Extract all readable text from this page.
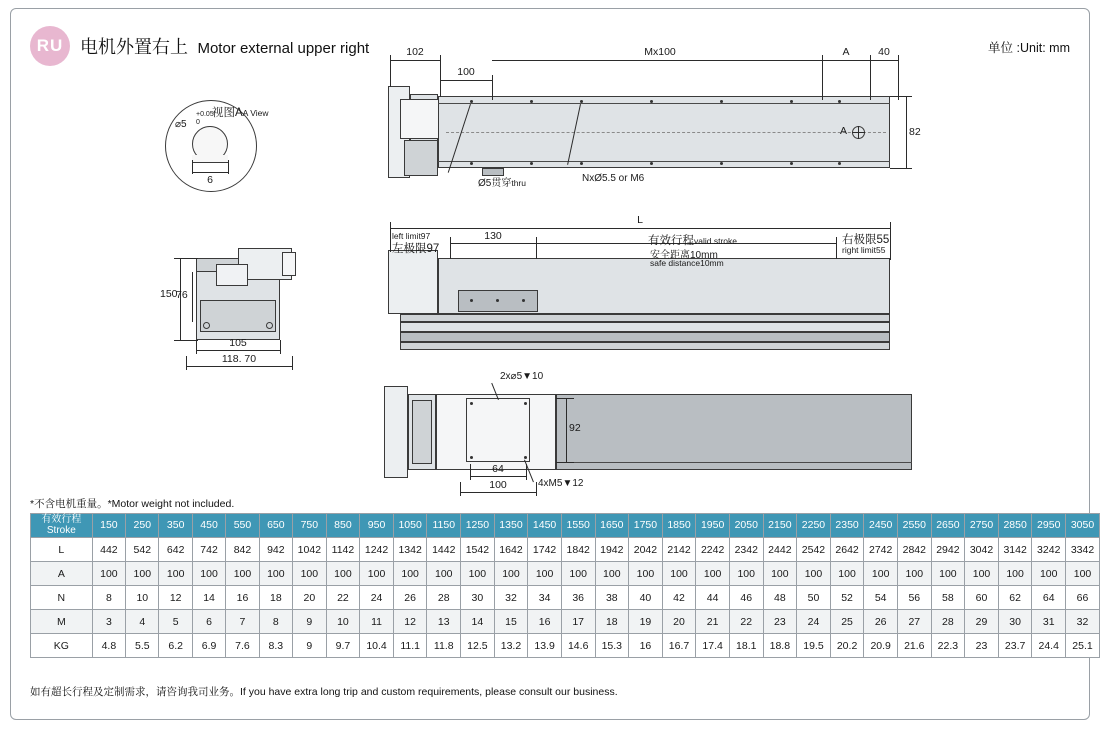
RU 电机外置右上 Motor external upper right	单位 :Unit: mm
视图AA View
⌀5
+0.05
0
6
A
102
100
Mx100	A	40
82
Ø5贯穿thru	NxØ5.5 or M6
150
76
105
118. 70
L
left limit97
左极限97
130	有效行程valid stroke
安全距离10mm
safe distance10mm
右极限55
right limit55
2x⌀5▼10
4xM5▼12
92
64
100
*不含电机重量。*Motor weight not included.
有效行程
Stroke	150	250	350	450	550	650	750	850	950	1050	1150	1250	1350	1450	1550	1650	1750	1850	1950	2050	2150	2250	2350	2450	2550	2650	2750	2850	2950	3050
L	442	542	642	742	842	942	1042	1142	1242	1342	1442	1542	1642	1742	1842	1942	2042	2142	2242	2342	2442	2542	2642	2742	2842	2942	3042	3142	3242	3342
A	100	100	100	100	100	100	100	100	100	100	100	100	100	100	100	100	100	100	100	100	100	100	100	100	100	100	100	100	100	100
N	8	10	12	14	16	18	20	22	24	26	28	30	32	34	36	38	40	42	44	46	48	50	52	54	56	58	60	62	64	66
M	3	4	5	6	7	8	9	10	11	12	13	14	15	16	17	18	19	20	21	22	23	24	25	26	27	28	29	30	31	32
KG	4.8	5.5	6.2	6.9	7.6	8.3	9	9.7	10.4	11.1	11.8	12.5	13.2	13.9	14.6	15.3	16	16.7	17.4	18.1	18.8	19.5	20.2	20.9	21.6	22.3	23	23.7	24.4	25.1
如有超长行程及定制需求，请咨询我司业务。If you have extra long trip and custom requirements, please consult our business.
